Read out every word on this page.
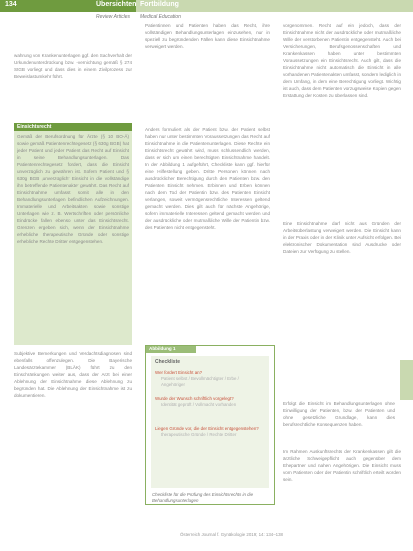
134	Übersichten Fortbildung
Review Articles Medical Education

wahrung von Krankenunterlagen ggf. den Sachverhalt der Urkundenunterdrückung bzw. -vernichtung gemäß § 274 StGB vorliegt und dass dies in einem Zivilprozess zur Beweislastumkehr führt.

Einsichtsrecht

Gemäß der Berufsordnung für Ärzte (§ 10 BO-Ä) sowie gemäß Patientenrechtegesetz (§ 630g BGB) hat jeder Patient und jeder Patient das Recht auf Einsicht in seine Behandlungsunterlagen. Das Patientenrechtegesetz fordert, dass die Einsicht unverzüglich zu gewähren ist. Sofern Patient und § 630g BGB ‚unverzüglich‘ Einsicht in die vollständige ihn betreffende Patientenakte‘ gewährt. Das Recht auf Einsichtnahme umfasst somit alle in den Behandlungsunterlagen befindlichen Aufzeichnungen. Immaterielle und Arbeitsakten sowie sonstige Unterlagen wie z. B. Wertschriften oder persönliche Eindrücke fallen ebenso unter das Einsichtsrecht. Grenzen ergeben sich, wenn der Einsichtnahme erhebliche therapeutische Gründe oder sonstige erhebliche Rechte Dritter entgegenstehen.

Subjektive Bemerkungen und Verdachtsdiagnosen sind ebenfalls offenzulegen. Die Bayerische Landesärztekammer (BLÄK) führt zu den Einschränkungen weiter aus, dass der Arzt bei einer Ablehnung der Einsichtnahme diese Ablehnung zu begründen hat. Die Ablehnung der Einsichtnahme ist zu dokumentieren.

Patientinnen und Patienten haben das Recht, ihre vollständigen Behandlungsunterlagen einzusehen, nur in speziell zu begründenden Fällen kann diese Einsichtnahme verweigert werden.

Anders formuliert als der Patient bzw. der Patient selbst haben nur unter bestimmten Voraussetzungen das Recht auf Einsichtnahme in die Patientenunterlagen. Diese Rechte ein Einsichtsrecht gewährt wird, muss schlussendlich werden, dass er sich um einen berechtigten Einsichtnahme handelt. In der Abbildung 1 aufgeführt, Checkliste kann ggf. hierfür eine Hilfestellung geben. Dritte Personen können nach ausdrücklicher Berechtigung durch den Patienten bzw. den Patienten Einsicht nehmen. Erbinnen und Erben können nach dem Tod der Patientin bzw. des Patienten Einsicht verlangen, soweit vermögensrechtliche Interessen geltend gemacht werden. Dies gilt auch für nächste Angehörige, sofern immaterielle Interessen geltend gemacht werden und der ausdrückliche oder mutmaßliche Wille der Patientin bzw. des Patienten nicht entgegensteht.

Abbildung 1
Checkliste
Wer fordert Einsicht an?
Patient selbst / Bevollmächtigter / Erbe / Angehöriger
Wurde der Wunsch schriftlich vorgelegt?
Identität geprüft / Vollmacht vorhanden
Liegen Gründe vor, die der Einsicht entgegenstehen?
therapeutische Gründe / Rechte Dritter
Checkliste für die Prüfung des Einsichtsrechts in die Behandlungsunterlagen

vorgenommen. Recht auf ein jedoch, dass der Einsichtnahme nicht der ausdrückliche oder mutmaßliche Wille der verstorbenen Patientin entgegensteht. Auch bei Versicherungen, Berufsgenossenschaften und Krankenkassen haben unter bestimmten Voraussetzungen ein Einsichtsrecht. Auch gilt, dass die Einsichtnahme nicht automatisch die Einsicht in alle vorhandenen Patientenakten umfasst, sondern lediglich in dem Umfang, in dem eine Berechtigung vorliegt. Wichtig ist auch, dass dem Patienten vorzugsweise Kopien gegen Erstattung der Kosten zu überlassen sind.

Eine Einsichtnahme darf nicht aus Gründen der Arbeitsüberlastung verweigert werden. Die Einsicht kann in der Praxis oder in der Klinik unter Aufsicht erfolgen. Bei elektronischer Dokumentation sind Ausdrucke oder Dateien zur Verfügung zu stellen.

Erfolgt die Einsicht im Behandlungsunterlagen ohne Einwilligung der Patienten, bzw. der Patienten und ohne gesetzliche Grundlage, kann dies berufsrechtliche Konsequenzen haben.

Im Rahmen Auskunftsrechts der Krankenkassen gilt die ärztliche Schweigepflicht auch gegenüber dem Ehepartner und nahen Angehörigen. Die Einsicht muss vom Patienten oder der Patientin schriftlich erteilt worden sein.

Österreich Journal f. Gynäkologie 2019; 14: 134–138
